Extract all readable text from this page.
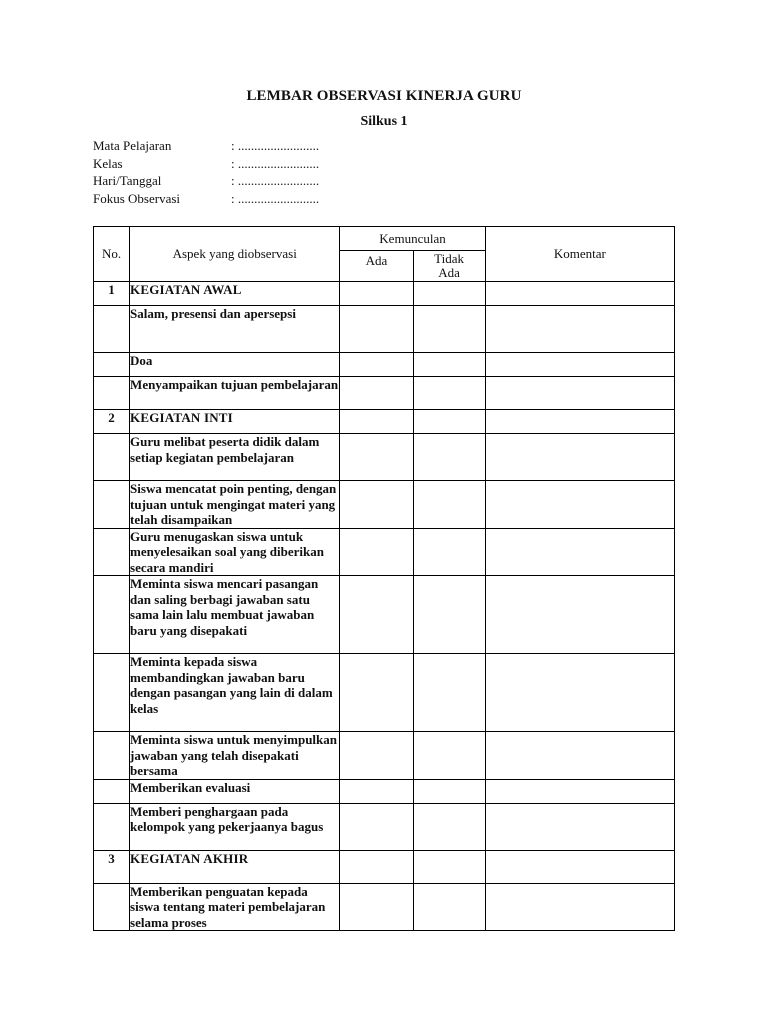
LEMBAR OBSERVASI KINERJA GURU
Silkus 1
Mata Pelajaran	: .........................
Kelas	: .........................
Hari/Tanggal	: .........................
Fokus Observasi	: .........................
No.	Aspek yang diobservasi	Kemunculan		Komentar
		Ada	Tidak Ada	
1	KEGIATAN AWAL			
	Salam, presensi dan apersepsi			
	Doa			
	Menyampaikan tujuan pembelajaran			
2	KEGIATAN INTI			
	Guru melibat peserta didik dalam setiap kegiatan pembelajaran			
	Siswa mencatat poin penting, dengan tujuan untuk mengingat materi yang telah disampaikan			
	Guru menugaskan siswa untuk menyelesaikan soal yang diberikan secara mandiri			
	Meminta siswa mencari pasangan dan saling berbagi jawaban satu sama lain lalu membuat jawaban baru yang disepakati			
	Meminta kepada siswa membandingkan jawaban baru dengan pasangan yang lain di dalam kelas			
	Meminta siswa untuk menyimpulkan jawaban yang telah disepakati bersama			
	Memberikan evaluasi			
	Memberi penghargaan pada kelompok yang pekerjaanya bagus			
3	KEGIATAN AKHIR			
	Memberikan penguatan kepada siswa tentang materi pembelajaran selama proses			
